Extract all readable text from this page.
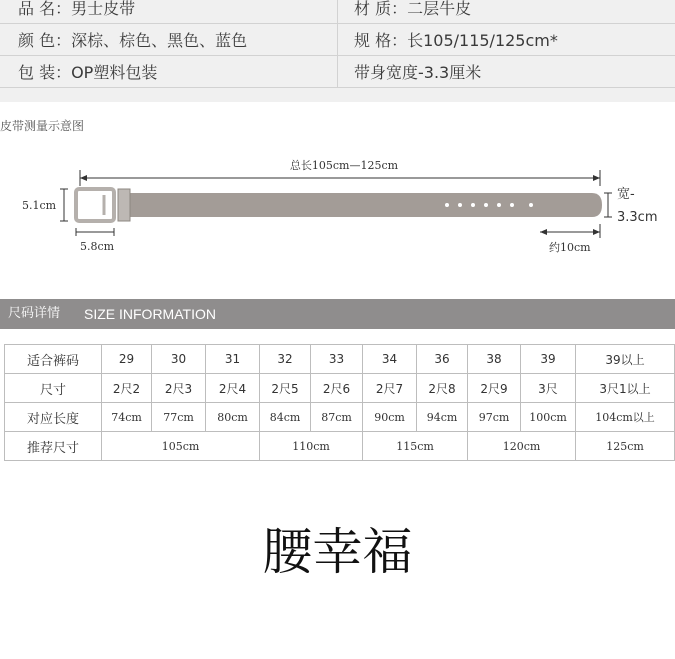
品 名：男士皮带	材 质：二层牛皮
颜 色：深棕、棕色、黑色、蓝色	规 格：长105/115/125cm*
包 装：OP塑料包装	带身宽度-3.3厘米
皮带测量示意图
总长105cm—125cm
5.1cm
5.8cm
宽-
3.3cm
约10cm
尺码详情 SIZE INFORMATION
适合裤码	29	30	31	32	33	34	36	38	39	39以上
尺寸	2尺2	2尺3	2尺4	2尺5	2尺6	2尺7	2尺8	2尺9	3尺	3尺1以上
对应长度	74cm	77cm	80cm	84cm	87cm	90cm	94cm	97cm	100cm	104cm以上
推荐尺寸	105cm			110cm		115cm		120cm		125cm
腰幸福
